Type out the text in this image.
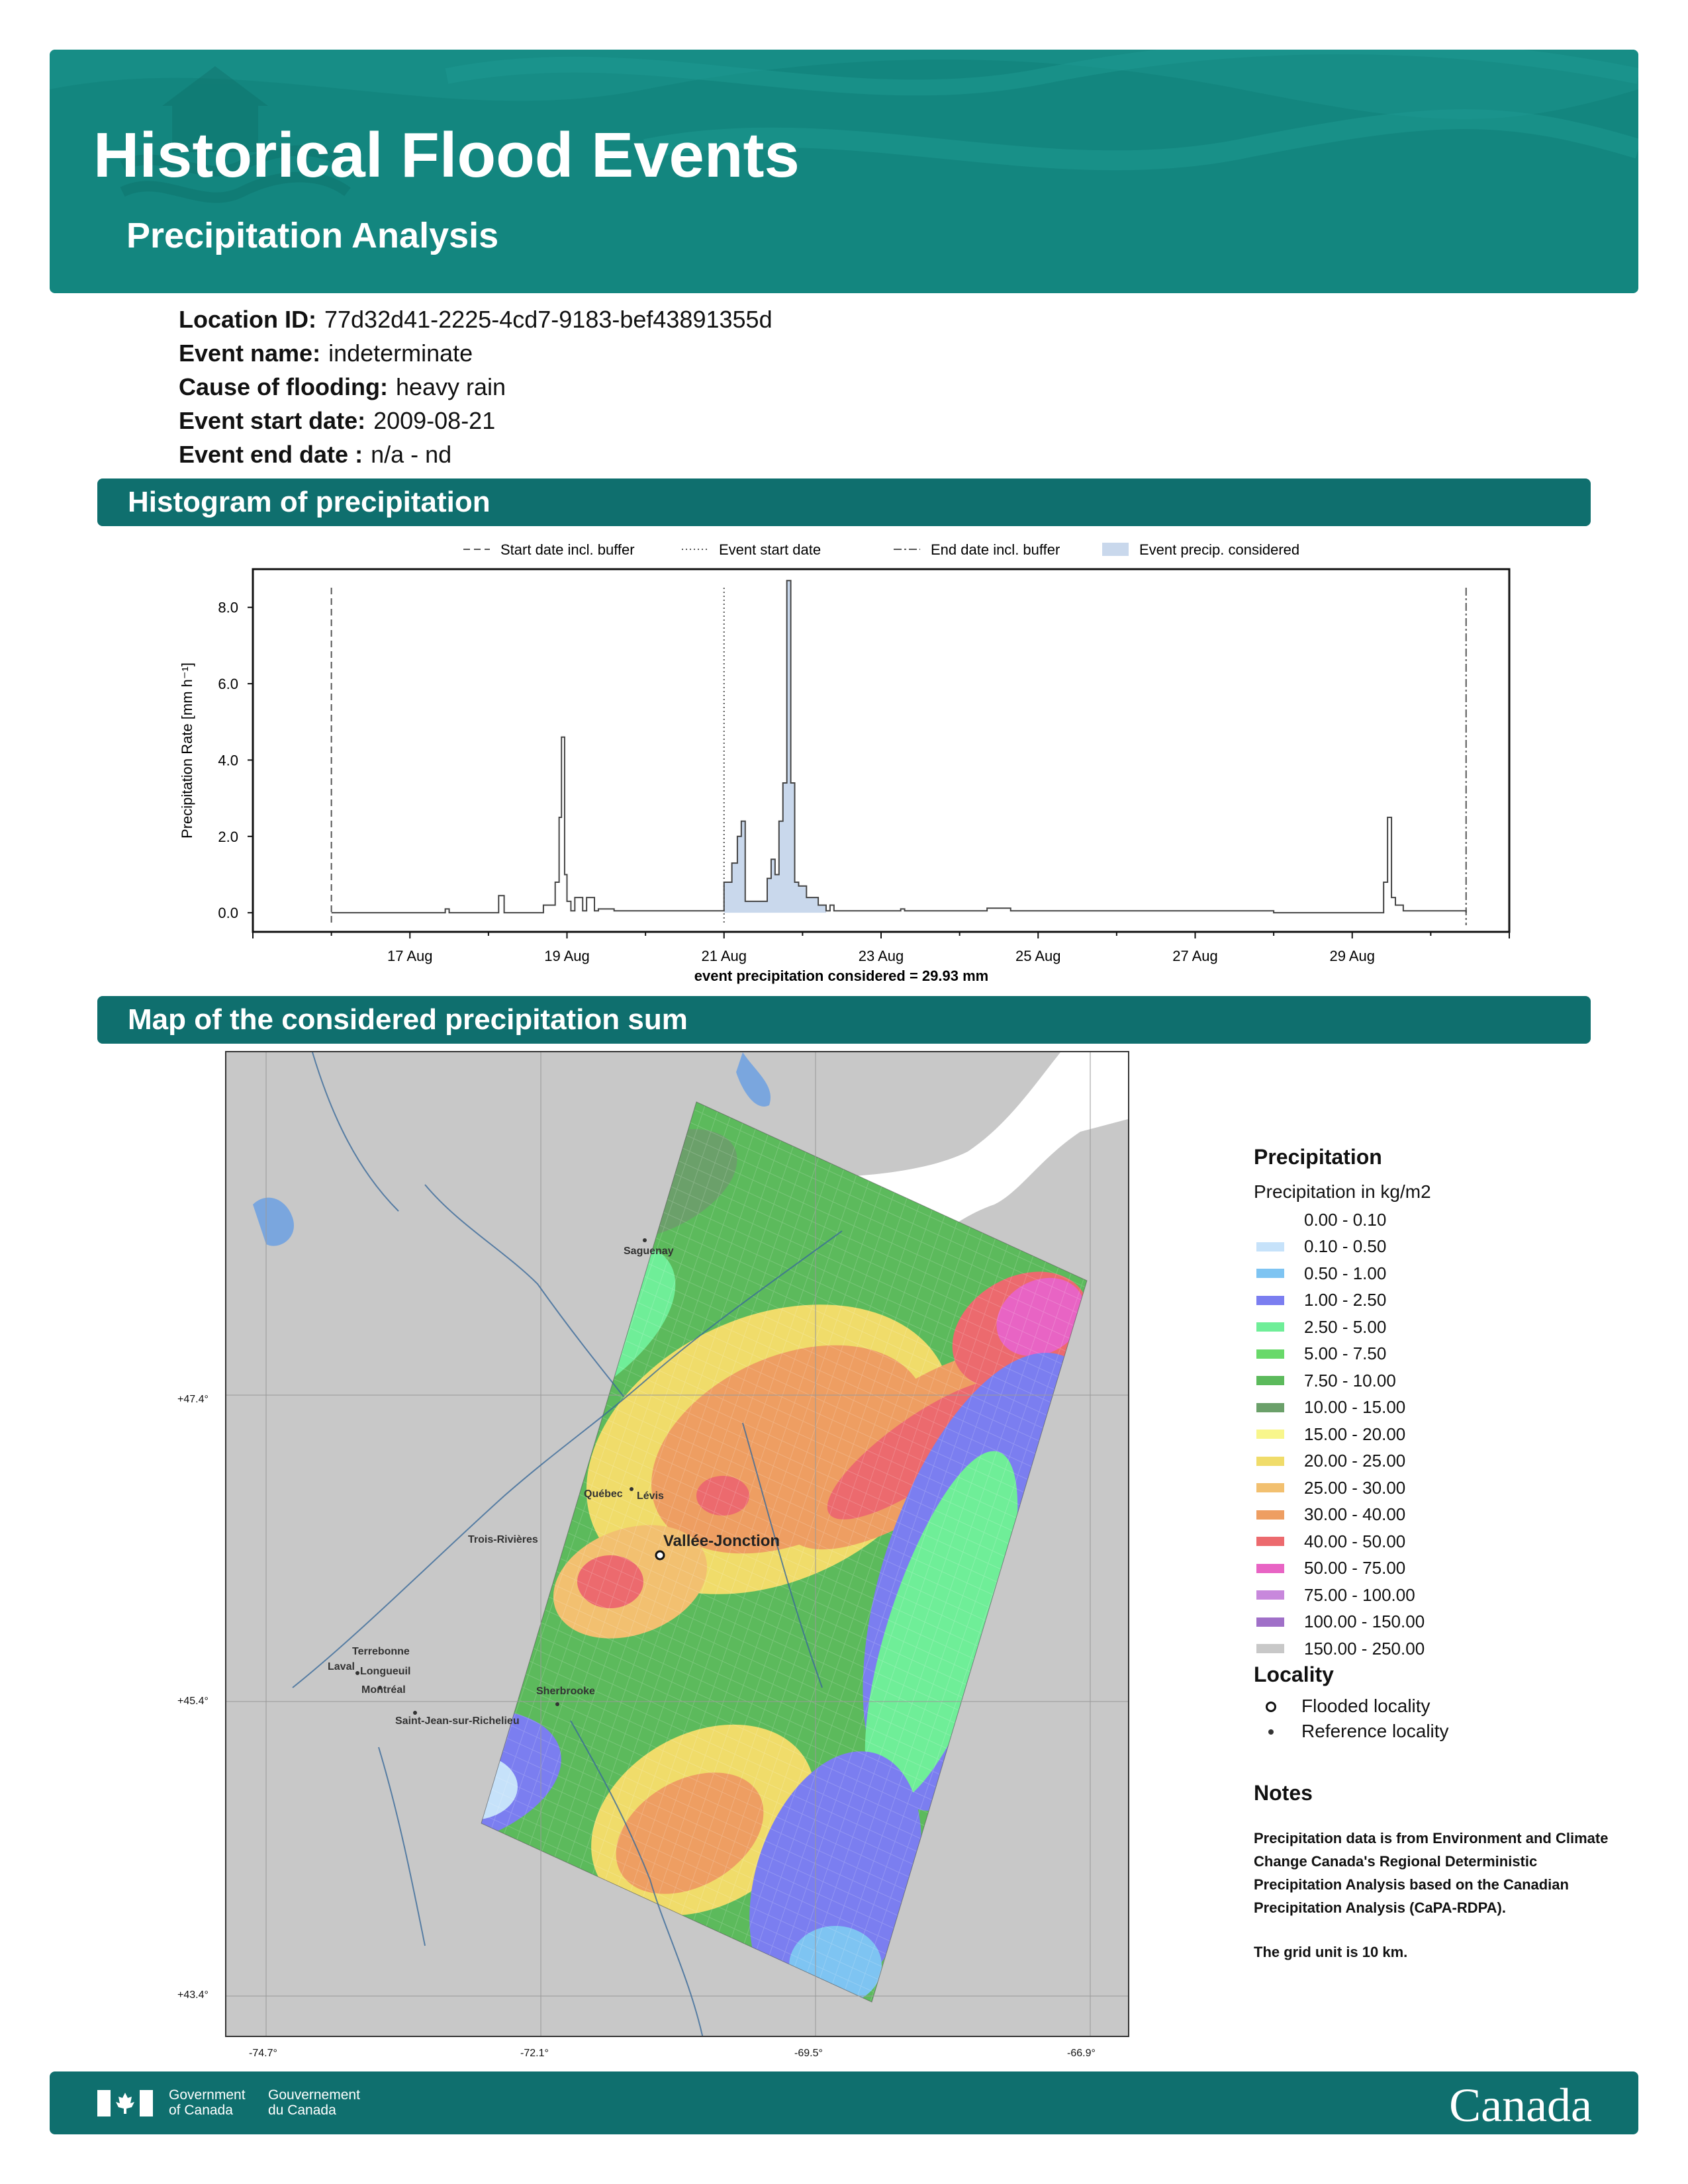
Historical Flood Events
Precipitation Analysis
Location ID: 77d32d41-2225-4cd7-9183-bef43891355d
Event name: indeterminate
Cause of flooding: heavy rain
Event start date: 2009-08-21
Event end date : n/a - nd
Histogram of precipitation
0.0
2.0
4.0
6.0
8.0
17 Aug	19 Aug	21 Aug	23 Aug	25 Aug	27 Aug	29 Aug
Precipitation Rate [mm h⁻¹]
event precipitation considered = 29.93 mm
Start date incl. buffer	Event start date	End date incl. buffer	Event precip. considered
Map of the considered precipitation sum
Saguenay
Québec Lévis
Trois-Rivières	Vallée-Jonction
Terrebonne
Laval Longueuil
Montréal	Sherbrooke
Saint-Jean-sur-Richelieu
+47.4°
+45.4°
+43.4°
-74.7°	-72.1°	-69.5°	-66.9°
Precipitation
Precipitation in kg/m2
0.00 - 0.10
0.10 - 0.50
0.50 - 1.00
1.00 - 2.50
2.50 - 5.00
5.00 - 7.50
7.50 - 10.00
10.00 - 15.00
15.00 - 20.00
20.00 - 25.00
25.00 - 30.00
30.00 - 40.00
40.00 - 50.00
50.00 - 75.00
75.00 - 100.00
100.00 - 150.00
150.00 - 250.00
Locality
Flooded locality
Reference locality
Notes

Precipitation data is from Environment and Climate Change Canada's Regional Deterministic Precipitation Analysis based on the Canadian Precipitation Analysis (CaPA-RDPA).

The grid unit is 10 km.

Government
of Canada
Gouvernement
du Canada	Canada
